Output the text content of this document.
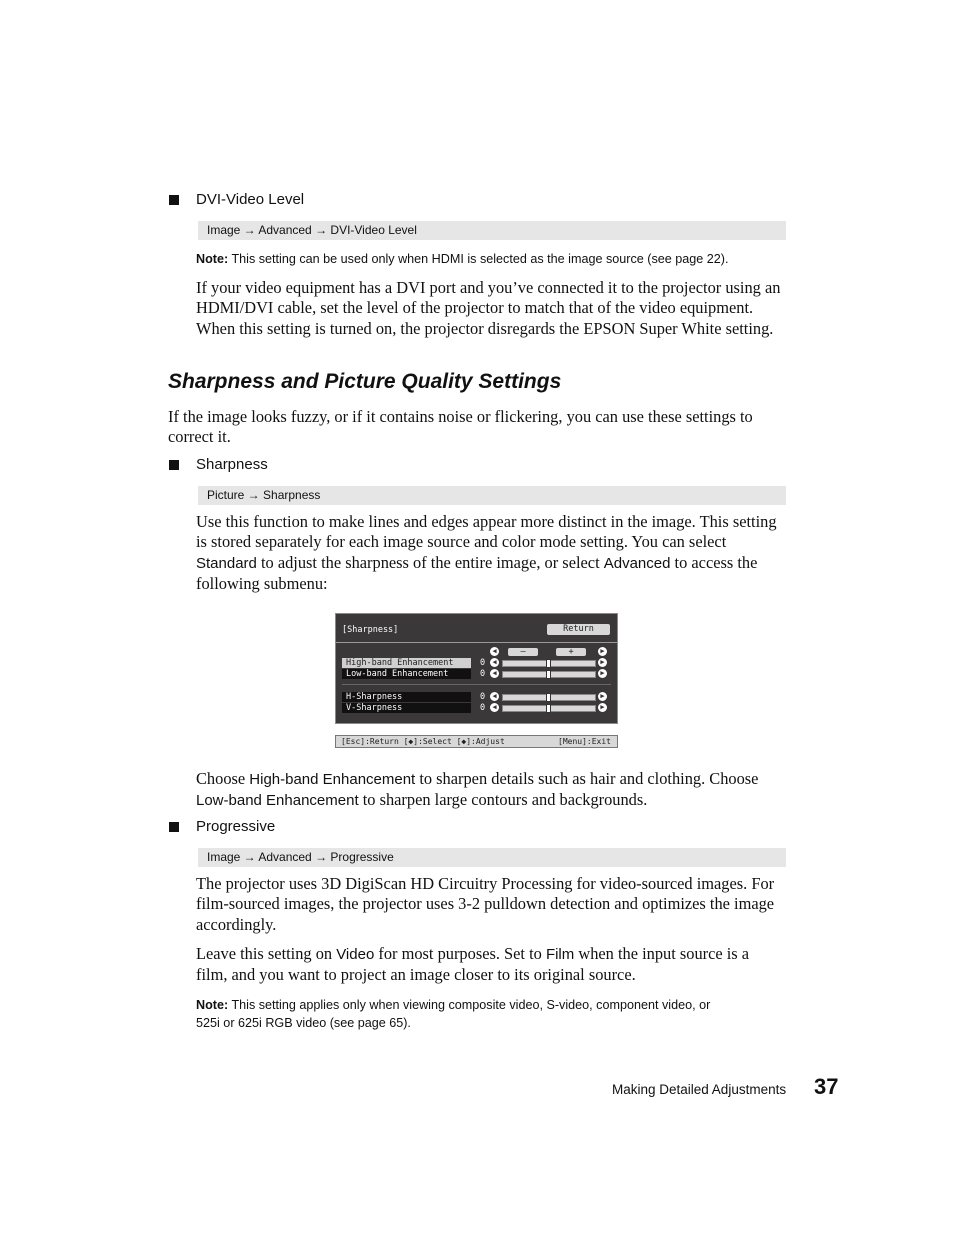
DVI-Video Level
Image → Advanced → DVI-Video Level
Note: This setting can be used only when HDMI is selected as the image source (see page 22).
If your video equipment has a DVI port and you’ve connected it to the projector using an
HDMI/DVI cable, set the level of the projector to match that of the video equipment.
When this setting is turned on, the projector disregards the EPSON Super White setting.
Sharpness and Picture Quality Settings
If the image looks fuzzy, or if it contains noise or flickering, you can use these settings to
correct it.
Sharpness
Picture → Sharpness
Use this function to make lines and edges appear more distinct in the image. This setting
is stored separately for each image source and color mode setting. You can select
Standard to adjust the sharpness of the entire image, or select Advanced to access the
following submenu:
[Sharpness]	Return
◀	—	+	▶
High-band Enhancement	0	◀	▶
Low-band Enhancement	0	◀	▶
H-Sharpness	0	◀	▶
V-Sharpness	0	◀	▶
[Esc]:Return [◆]:Select [◆]:Adjust	[Menu]:Exit
Choose High-band Enhancement to sharpen details such as hair and clothing. Choose
Low-band Enhancement to sharpen large contours and backgrounds.
Progressive
Image → Advanced → Progressive
The projector uses 3D DigiScan HD Circuitry Processing for video-sourced images. For
film-sourced images, the projector uses 3-2 pulldown detection and optimizes the image
accordingly.
Leave this setting on Video for most purposes. Set to Film when the input source is a
film, and you want to project an image closer to its original source.
Note: This setting applies only when viewing composite video, S-video, component video, or
525i or 625i RGB video (see page 65).
Making Detailed Adjustments 37
